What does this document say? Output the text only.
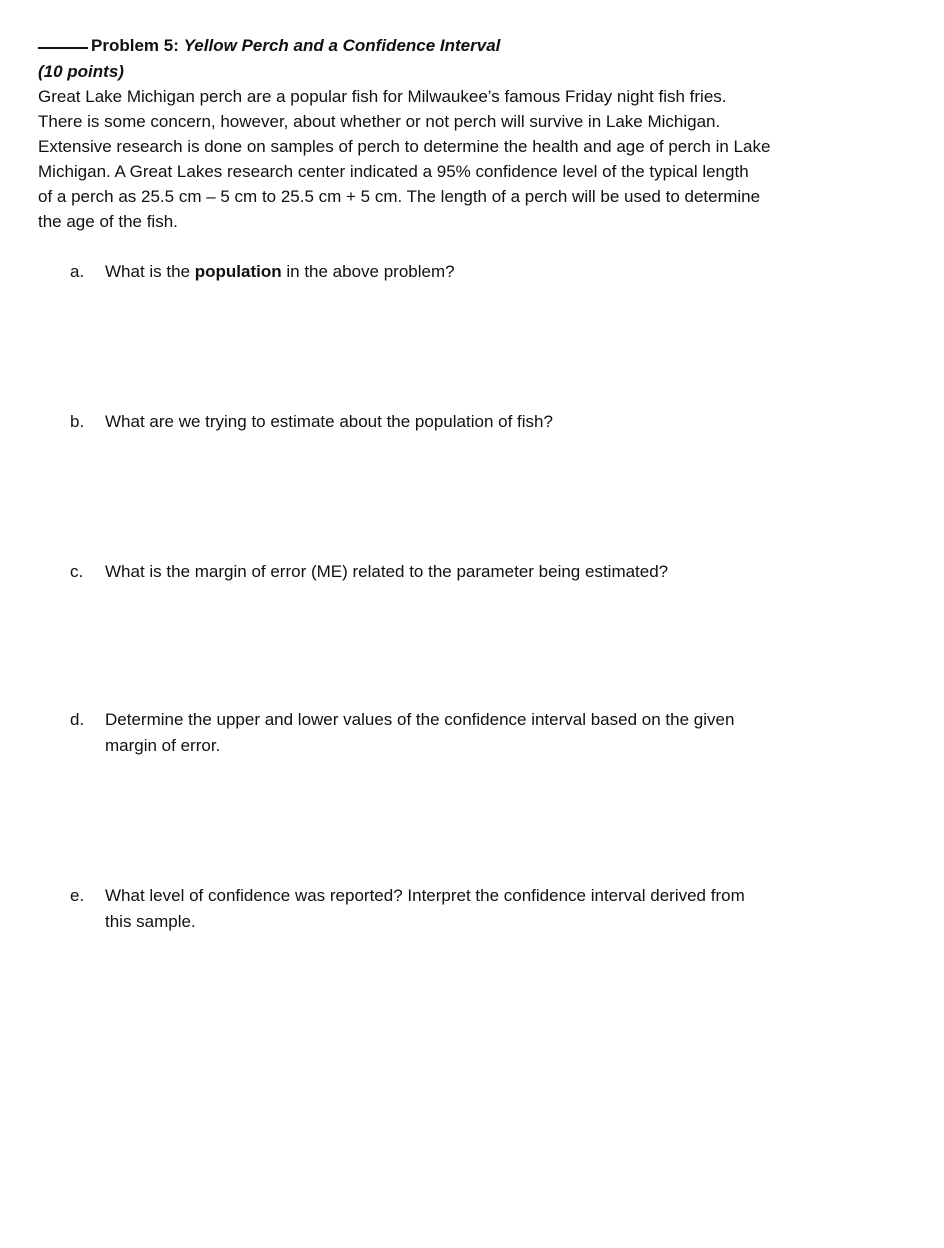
Problem 5: Yellow Perch and a Confidence Interval
(10 points)
Great Lake Michigan perch are a popular fish for Milwaukee’s famous Friday night fish fries.
There is some concern, however, about whether or not perch will survive in Lake Michigan.
Extensive research is done on samples of perch to determine the health and age of perch in Lake
Michigan. A Great Lakes research center indicated a 95% confidence level of the typical length
of a perch as 25.5 cm – 5 cm to 25.5 cm + 5 cm. The length of a perch will be used to determine
the age of the fish.
a.	What is the population in the above problem?
b.	What are we trying to estimate about the population of fish?
c.	What is the margin of error (ME) related to the parameter being estimated?
d.	Determine the upper and lower values of the confidence interval based on the given
margin of error.
e.	What level of confidence was reported? Interpret the confidence interval derived from
this sample.
